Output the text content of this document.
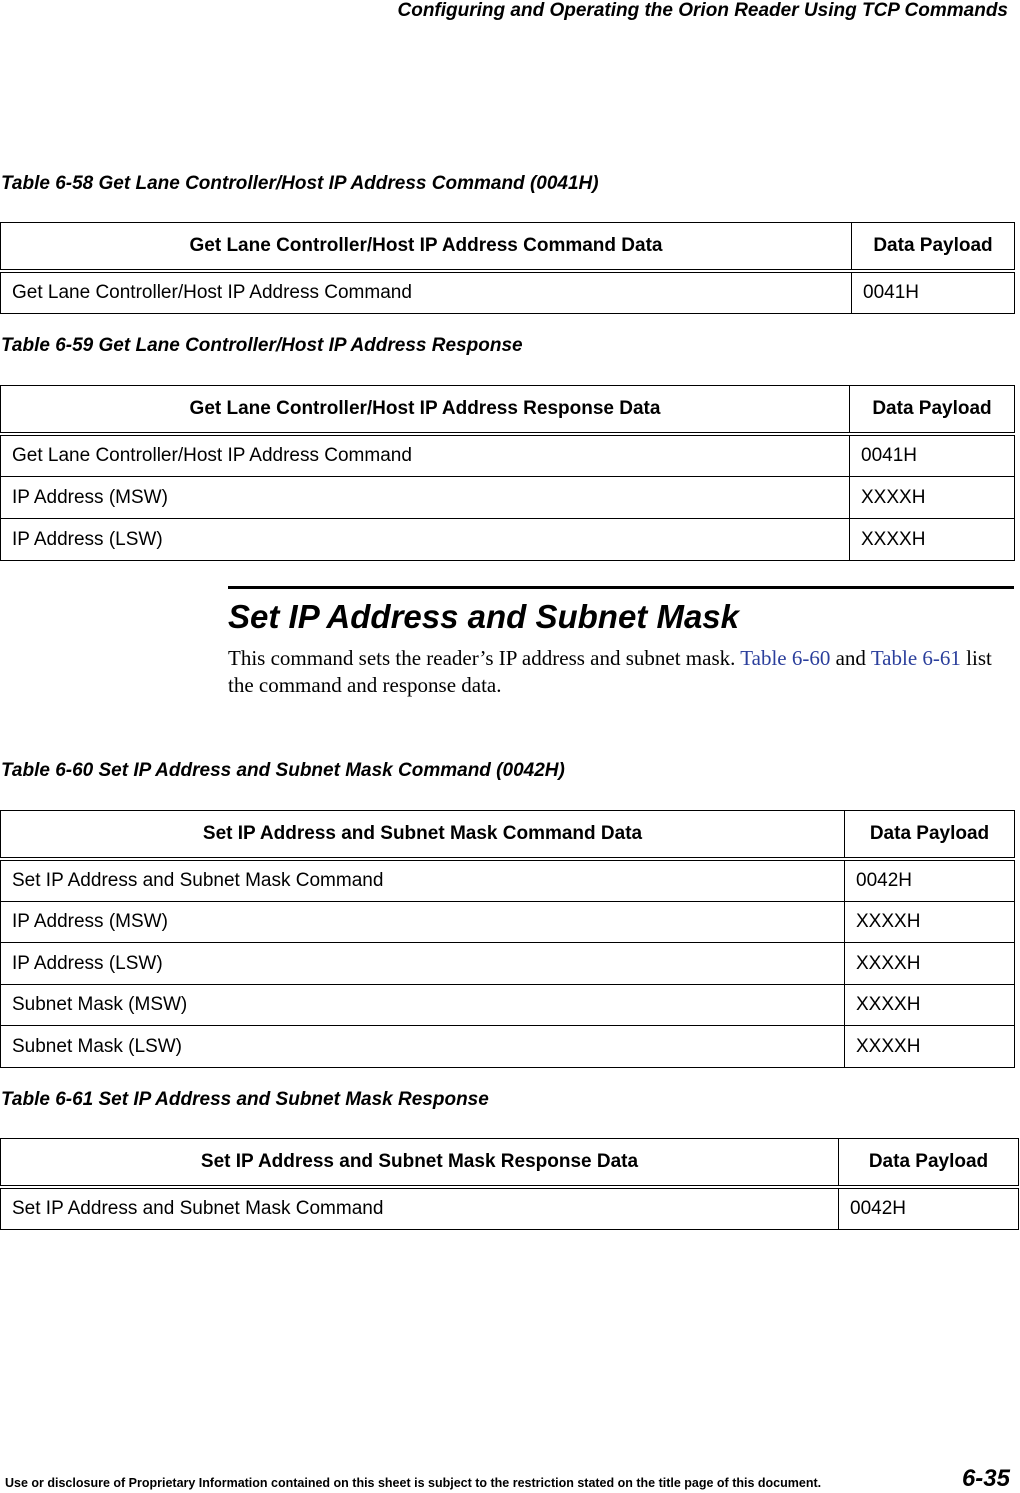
Configuring and Operating the Orion Reader Using TCP Commands
Table 6-58 Get Lane Controller/Host IP Address Command (0041H)
Get Lane Controller/Host IP Address Command Data	Data Payload
Get Lane Controller/Host IP Address Command	0041H
Table 6-59 Get Lane Controller/Host IP Address Response
Get Lane Controller/Host IP Address Response Data	Data Payload
Get Lane Controller/Host IP Address Command	0041H
IP Address (MSW)	XXXXH
IP Address (LSW)	XXXXH
Set IP Address and Subnet Mask

This command sets the reader’s IP address and subnet mask. Table 6-60 and Table 6-61 list the command and response data.

Table 6-60 Set IP Address and Subnet Mask Command (0042H)
Set IP Address and Subnet Mask Command Data	Data Payload
Set IP Address and Subnet Mask Command	0042H
IP Address (MSW)	XXXXH
IP Address (LSW)	XXXXH
Subnet Mask (MSW)	XXXXH
Subnet Mask (LSW)	XXXXH
Table 6-61 Set IP Address and Subnet Mask Response
Set IP Address and Subnet Mask Response Data	Data Payload
Set IP Address and Subnet Mask Command	0042H
Use or disclosure of Proprietary Information contained on this sheet is subject to the restriction stated on the title page of this document.	6-35
